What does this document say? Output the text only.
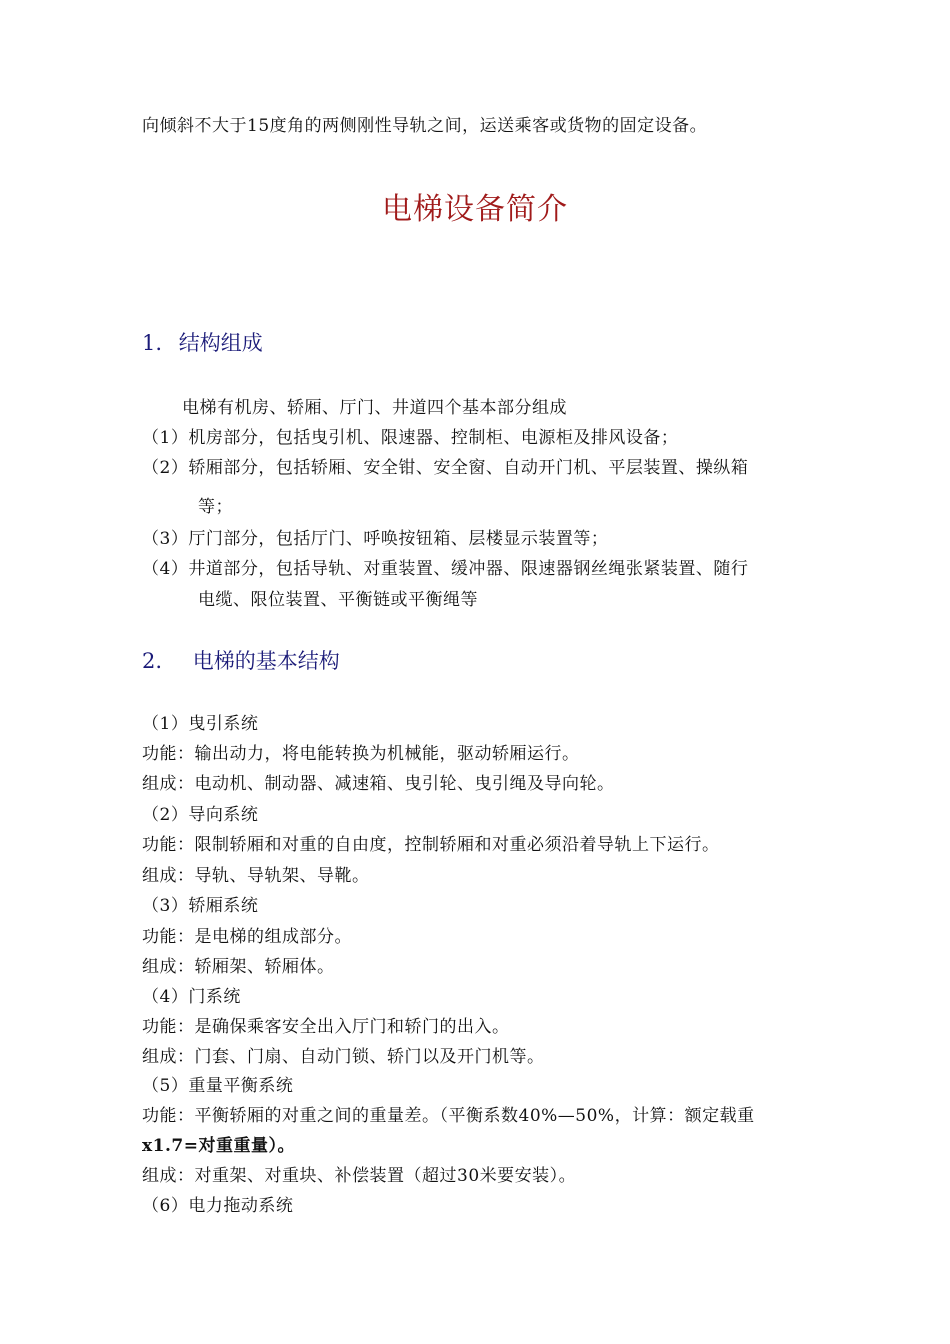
向倾斜不大于15度角的两侧刚性导轨之间，运送乘客或货物的固定设备。
电梯设备简介
1. 结构组成
电梯有机房、轿厢、厅门、井道四个基本部分组成
（1）机房部分，包括曳引机、限速器、控制柜、电源柜及排风设备；
（2）轿厢部分，包括轿厢、安全钳、安全窗、自动开门机、平层装置、操纵箱
等；
（3）厅门部分，包括厅门、呼唤按钮箱、层楼显示装置等；
（4）井道部分，包括导轨、对重装置、缓冲器、限速器钢丝绳张紧装置、随行
电缆、限位装置、平衡链或平衡绳等
2. 电梯的基本结构
（1）曳引系统
功能：输出动力，将电能转换为机械能，驱动轿厢运行。
组成：电动机、制动器、减速箱、曳引轮、曳引绳及导向轮。
（2）导向系统
功能：限制轿厢和对重的自由度，控制轿厢和对重必须沿着导轨上下运行。
组成：导轨、导轨架、导靴。
（3）轿厢系统
功能：是电梯的组成部分。
组成：轿厢架、轿厢体。
（4）门系统
功能：是确保乘客安全出入厅门和轿门的出入。
组成：门套、门扇、自动门锁、轿门以及开门机等。
（5）重量平衡系统
功能：平衡轿厢的对重之间的重量差。（平衡系数40%—50%，计算：额定载重
x1.7=对重重量）。
组成：对重架、对重块、补偿装置（超过30米要安装）。
（6）电力拖动系统
